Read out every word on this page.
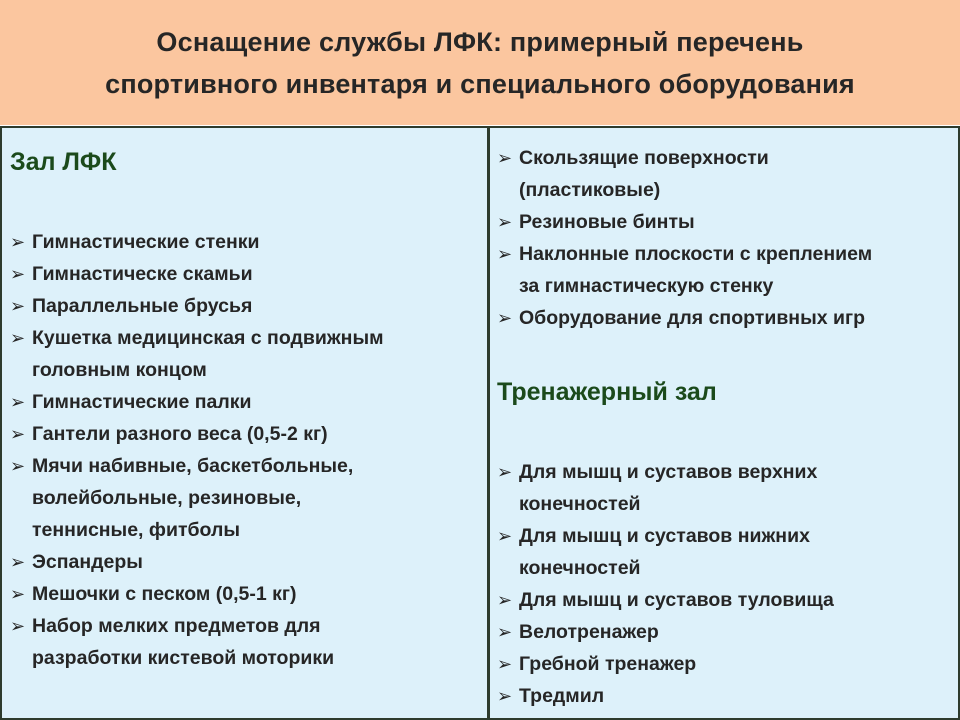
Оснащение службы ЛФК: примерный перечень
спортивного инвентаря и специального оборудования
Зал ЛФК
➢ Гимнастические стенки
➢ Гимнастическе скамьи
➢ Параллельные брусья
➢ Кушетка медицинская с подвижным
головным концом
➢ Гимнастические палки
➢ Гантели разного веса (0,5-2 кг)
➢ Мячи набивные, баскетбольные,
волейбольные, резиновые,
теннисные, фитболы
➢ Эспандеры
➢ Мешочки с песком (0,5-1 кг)
➢ Набор мелких предметов для
разработки кистевой моторики
➢ Скользящие поверхности
(пластиковые)
➢ Резиновые бинты
➢ Наклонные плоскости с креплением
за гимнастическую стенку
➢ Оборудование для спортивных игр
Тренажерный зал
➢ Для мышц и суставов верхних
конечностей
➢ Для мышц и суставов нижних
конечностей
➢ Для мышц и суставов туловища
➢ Велотренажер
➢ Гребной тренажер
➢ Тредмил
